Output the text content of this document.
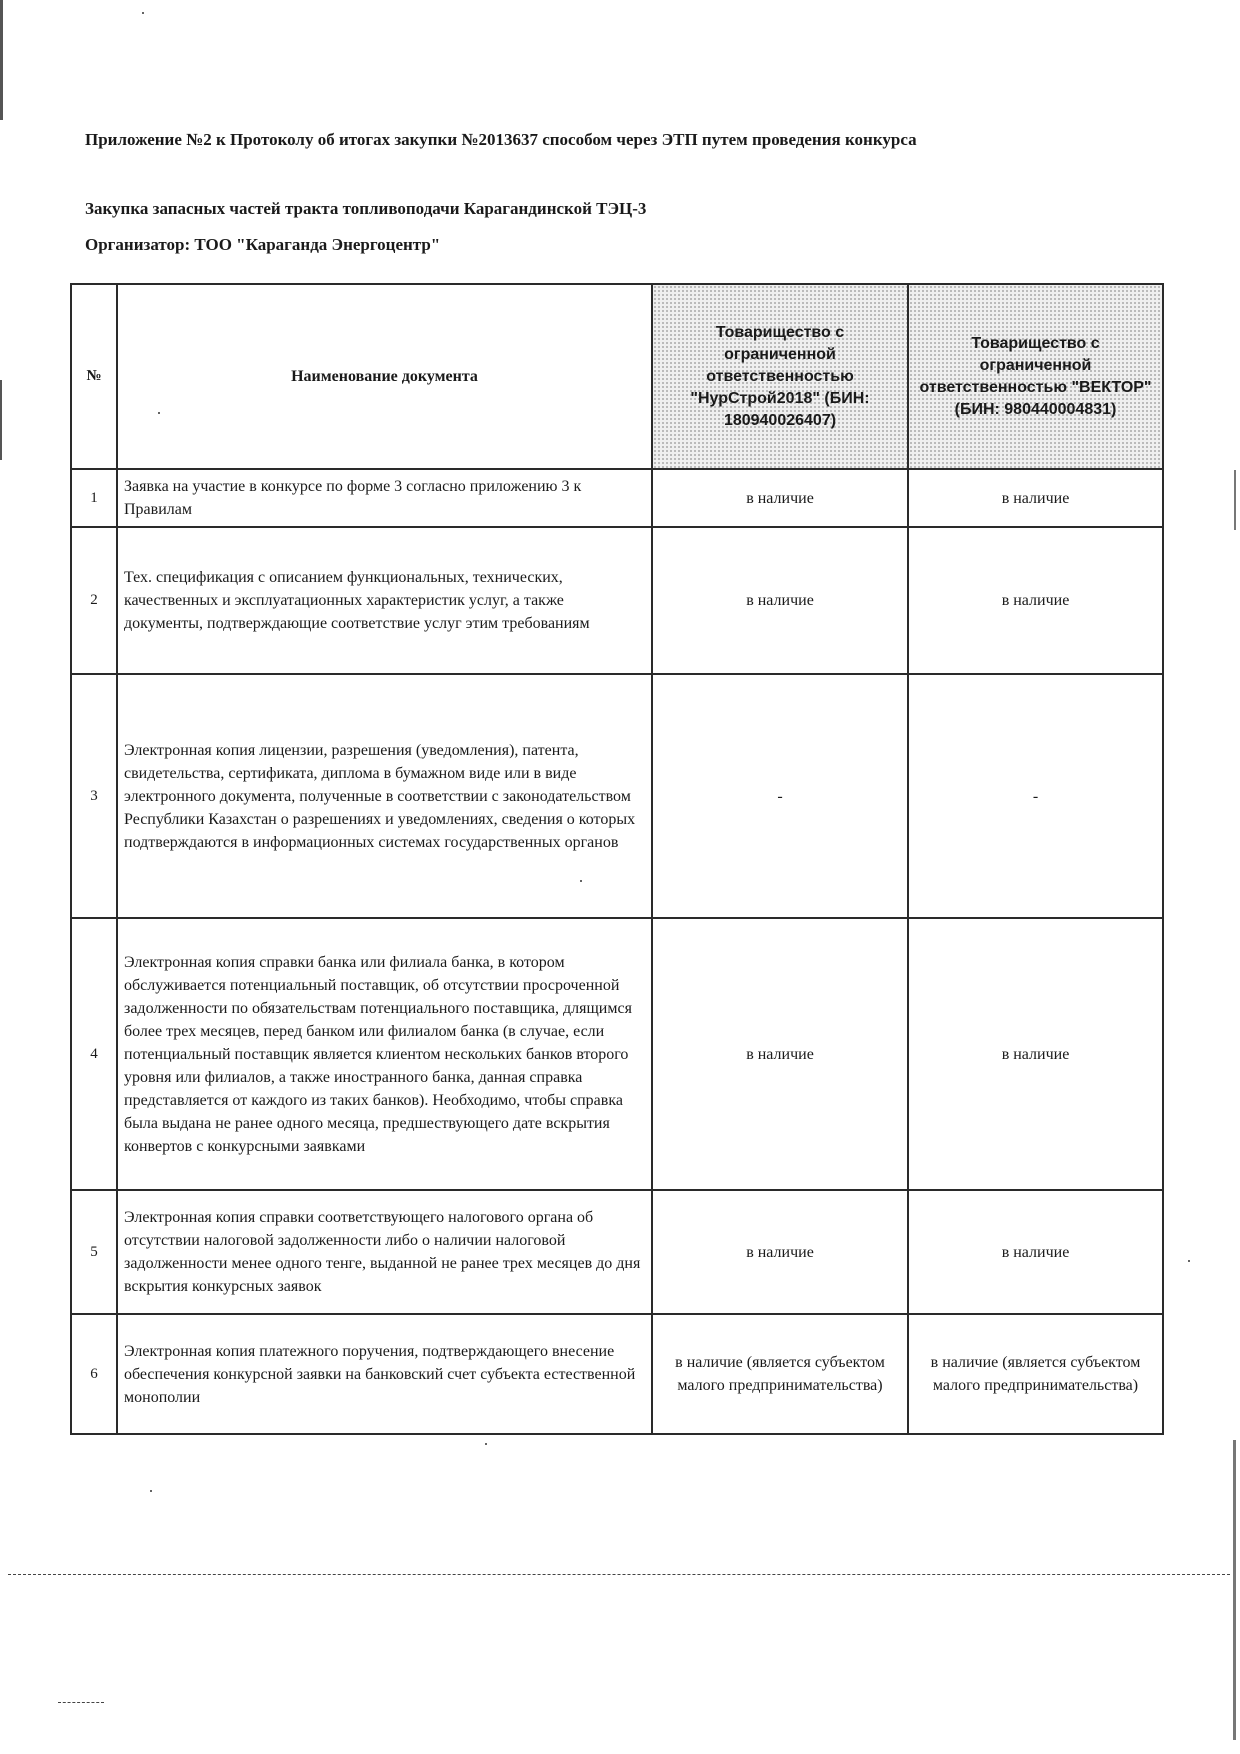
Приложение №2 к Протоколу об итогах закупки №2013637 способом через ЭТП путем проведения конкурса
Закупка запасных частей тракта топливоподачи Карагандинской ТЭЦ-3
Организатор: ТОО "Караганда Энергоцентр"
№	Наименование документа	Товарищество с ограниченной ответственностью "НурСтрой2018" (БИН: 180940026407)	Товарищество с ограниченной ответственностью "ВЕКТОР" (БИН: 980440004831)
1	Заявка на участие в конкурсе по форме 3 согласно приложению 3 к Правилам	в наличие	в наличие
2	Тех. спецификация с описанием функциональных, технических, качественных и эксплуатационных характеристик услуг, а также документы, подтверждающие соответствие услуг этим требованиям	в наличие	в наличие
3	Электронная копия лицензии, разрешения (уведомления), патента, свидетельства, сертификата, диплома в бумажном виде или в виде электронного документа, полученные в соответствии с законодательством Республики Казахстан о разрешениях и уведомлениях, сведения о которых подтверждаются в информационных системах государственных органов	-	-
4	Электронная копия справки банка или филиала банка, в котором обслуживается потенциальный поставщик, об отсутствии просроченной задолженности по обязательствам потенциального поставщика, длящимся более трех месяцев, перед банком или филиалом банка (в случае, если потенциальный поставщик является клиентом нескольких банков второго уровня или филиалов, а также иностранного банка, данная справка представляется от каждого из таких банков). Необходимо, чтобы справка была выдана не ранее одного месяца, предшествующего дате вскрытия конвертов с конкурсными заявками	в наличие	в наличие
5	Электронная копия справки соответствующего налогового органа об отсутствии налоговой задолженности либо о наличии налоговой задолженности менее одного тенге, выданной не ранее трех месяцев до дня вскрытия конкурсных заявок	в наличие	в наличие
6	Электронная копия платежного поручения, подтверждающего внесение обеспечения конкурсной заявки на банковский счет субъекта естественной монополии	в наличие (является субъектом малого предпринимательства)	в наличие (является субъектом малого предпринимательства)
